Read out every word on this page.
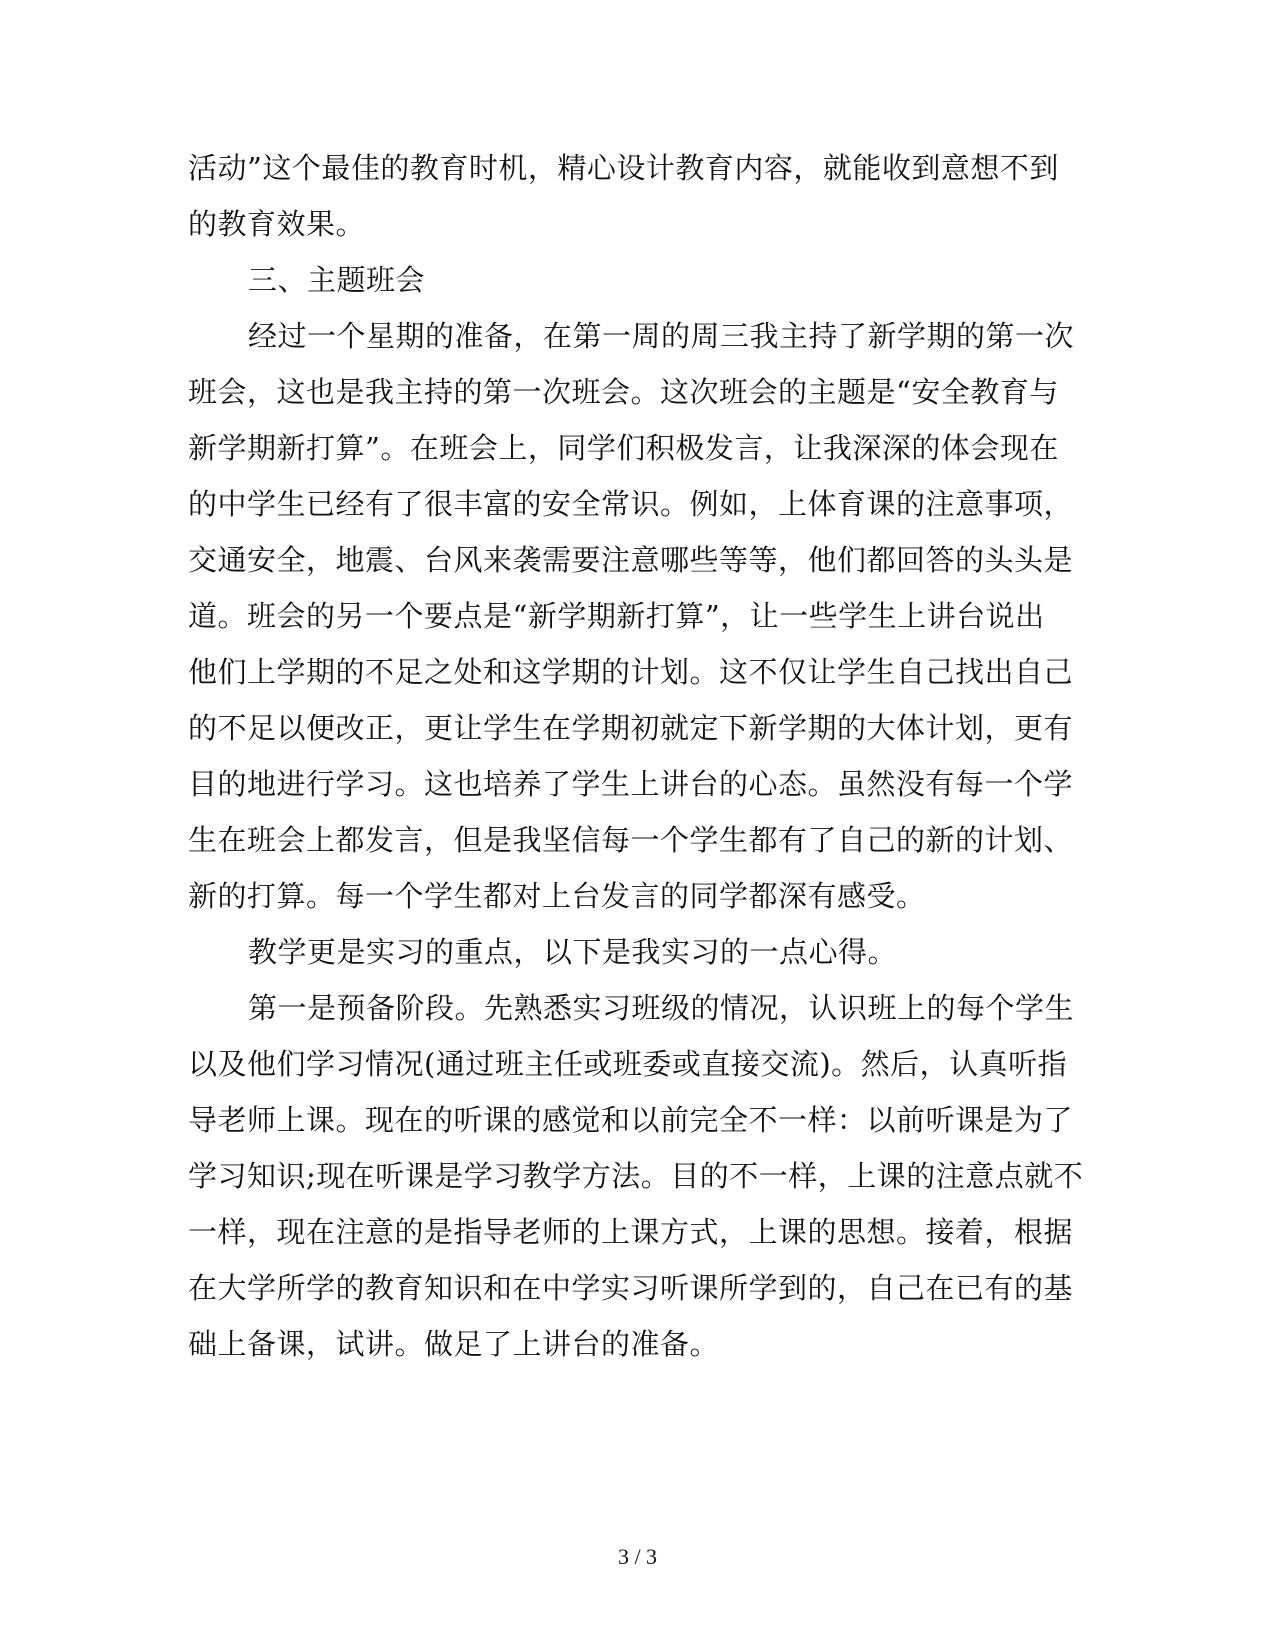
活动”这个最佳的教育时机，精心设计教育内容，就能收到意想不到
的教育效果。
三、主题班会
经过一个星期的准备，在第一周的周三我主持了新学期的第一次
班会，这也是我主持的第一次班会。这次班会的主题是“安全教育与
新学期新打算”。在班会上，同学们积极发言，让我深深的体会现在
的中学生已经有了很丰富的安全常识。例如，上体育课的注意事项，
交通安全，地震、台风来袭需要注意哪些等等，他们都回答的头头是
道。班会的另一个要点是“新学期新打算”，让一些学生上讲台说出
他们上学期的不足之处和这学期的计划。这不仅让学生自己找出自己
的不足以便改正，更让学生在学期初就定下新学期的大体计划，更有
目的地进行学习。这也培养了学生上讲台的心态。虽然没有每一个学
生在班会上都发言，但是我坚信每一个学生都有了自己的新的计划、
新的打算。每一个学生都对上台发言的同学都深有感受。
教学更是实习的重点，以下是我实习的一点心得。
第一是预备阶段。先熟悉实习班级的情况，认识班上的每个学生
以及他们学习情况(通过班主任或班委或直接交流)。然后，认真听指
导老师上课。现在的听课的感觉和以前完全不一样：以前听课是为了
学习知识;现在听课是学习教学方法。目的不一样，上课的注意点就不
一样，现在注意的是指导老师的上课方式，上课的思想。接着，根据
在大学所学的教育知识和在中学实习听课所学到的，自己在已有的基
础上备课，试讲。做足了上讲台的准备。
3 / 3
